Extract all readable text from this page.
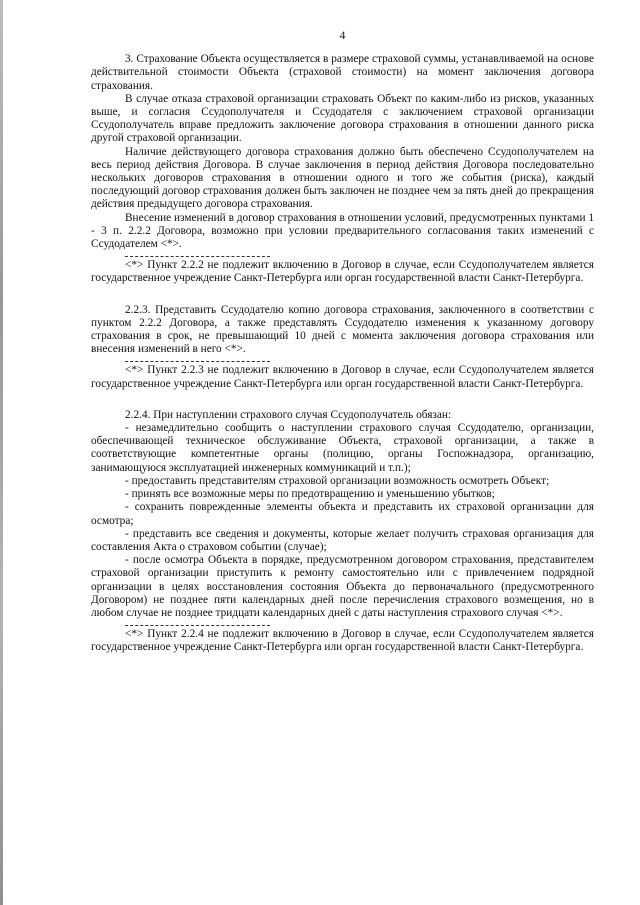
4

3. Страхование Объекта осуществляется в размере страховой суммы, устанавливаемой на основе действительной стоимости Объекта (страховой стоимости) на момент заключения договора страхования.

В случае отказа страховой организации страховать Объект по каким-либо из рисков, указанных выше, и согласия Ссудополучателя и Ссудодателя с заключением страховой организации Ссудополучатель вправе предложить заключение договора страхования в отношении данного риска другой страховой организации.

Наличие действующего договора страхования должно быть обеспечено Ссудополучателем на весь период действия Договора. В случае заключения в период действия Договора последовательно нескольких договоров страхования в отношении одного и того же события (риска), каждый последующий договор страхования должен быть заключен не позднее чем за пять дней до прекращения действия предыдущего договора страхования.

Внесение изменений в договор страхования в отношении условий, предусмотренных пунктами 1 - 3 п. 2.2.2 Договора, возможно при условии предварительного согласования таких изменений с Ссудодателем <*>.

<*> Пункт 2.2.2 не подлежит включению в Договор в случае, если Ссудополучателем является государственное учреждение Санкт-Петербурга или орган государственной власти Санкт-Петербурга.

2.2.3. Представить Ссудодателю копию договора страхования, заключенного в соответствии с пунктом 2.2.2 Договора, а также представлять Ссудодателю изменения к указанному договору страхования в срок, не превышающий 10 дней с момента заключения договора страхования или внесения изменений в него <*>.

<*> Пункт 2.2.3 не подлежит включению в Договор в случае, если Ссудополучателем является государственное учреждение Санкт-Петербурга или орган государственной власти Санкт-Петербурга.

2.2.4. При наступлении страхового случая Ссудополучатель обязан:

- незамедлительно сообщить о наступлении страхового случая Ссудодателю, организации, обеспечивающей техническое обслуживание Объекта, страховой организации, а также в соответствующие компетентные органы (полицию, органы Госпожнадзора, организацию, занимающуюся эксплуатацией инженерных коммуникаций и т.п.);

- предоставить представителям страховой организации возможность осмотреть Объект;

- принять все возможные меры по предотвращению и уменьшению убытков;

- сохранить поврежденные элементы объекта и представить их страховой организации для осмотра;

- представить все сведения и документы, которые желает получить страховая организация для составления Акта о страховом событии (случае);

- после осмотра Объекта в порядке, предусмотренном договором страхования, представителем страховой организации приступить к ремонту самостоятельно или с привлечением подрядной организации в целях восстановления состояния Объекта до первоначального (предусмотренного Договором) не позднее пяти календарных дней после перечисления страхового возмещения, но в любом случае не позднее тридцати календарных дней с даты наступления страхового случая <*>.

<*> Пункт 2.2.4 не подлежит включению в Договор в случае, если Ссудополучателем является государственное учреждение Санкт-Петербурга или орган государственной власти Санкт-Петербурга.
